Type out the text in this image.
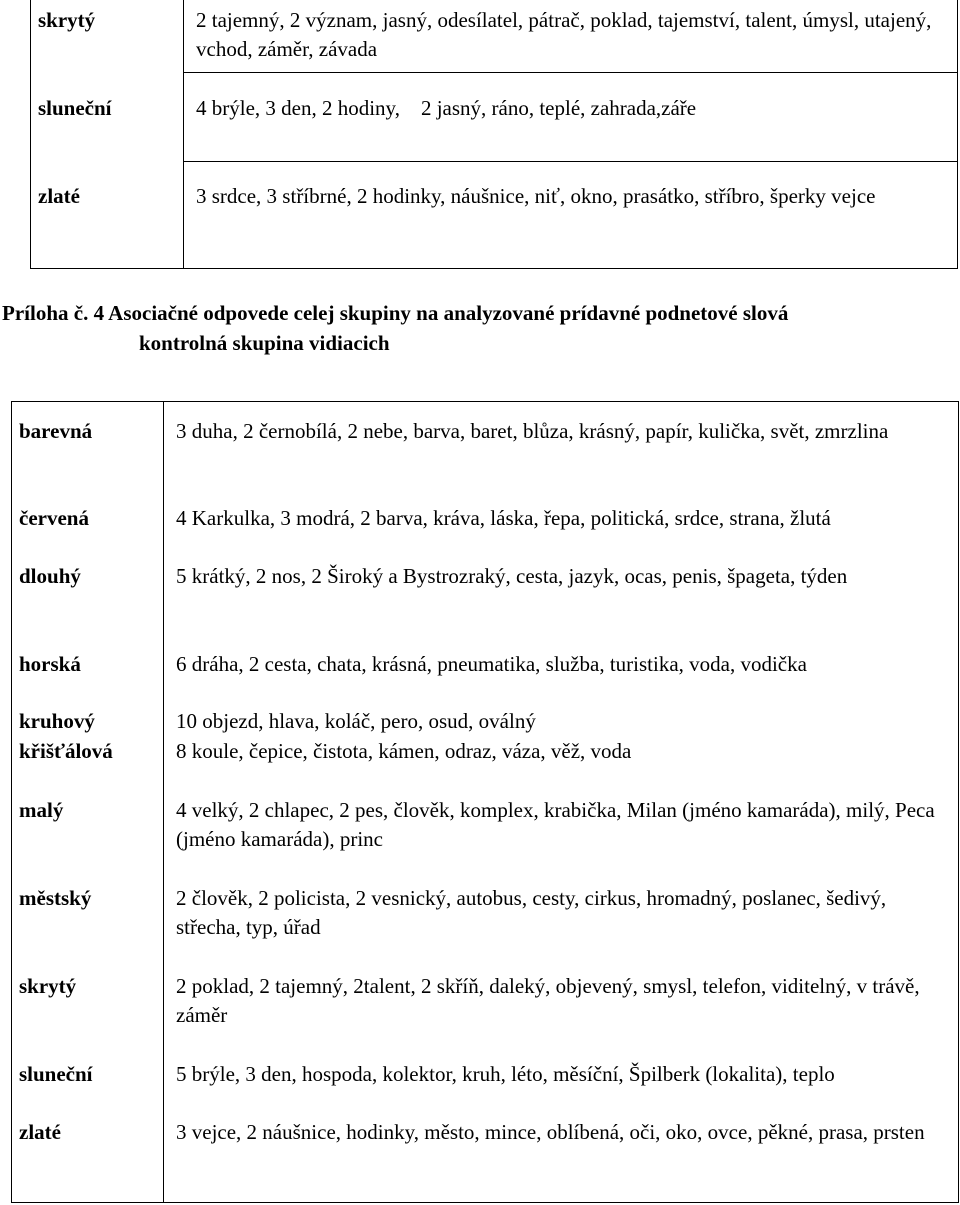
skrytý	2 tajemný, 2 význam, jasný, odesílatel, pátrač, poklad, tajemství, talent, úmysl, utajený, vchod, záměr, závada
sluneční	4 brýle, 3 den, 2 hodiny,    2 jasný, ráno, teplé, zahrada,záře
zlaté	3 srdce, 3 stříbrné, 2 hodinky, náušnice, niť, okno, prasátko, stříbro, šperky vejce
Príloha č. 4 Asociačné odpovede celej skupiny na analyzované prídavné podnetové slová
kontrolná skupina vidiacich
barevná	3 duha, 2 černobílá, 2 nebe, barva, baret, blůza, krásný, papír, kulička, svět, zmrzlina
červená	4 Karkulka, 3 modrá, 2 barva, kráva, láska, řepa, politická, srdce, strana, žlutá
dlouhý	5 krátký, 2 nos, 2 Široký a Bystrozraký, cesta, jazyk, ocas, penis, špageta, týden
horská	6 dráha, 2 cesta, chata, krásná, pneumatika, služba, turistika, voda, vodička
kruhový	10 objezd, hlava, koláč, pero, osud, oválný
křišťálová	8 koule, čepice, čistota, kámen, odraz, váza, věž, voda
malý	4 velký, 2 chlapec, 2 pes, člověk, komplex, krabička, Milan (jméno kamaráda), milý, Peca (jméno kamaráda), princ
městský	2 člověk, 2 policista, 2 vesnický, autobus, cesty, cirkus, hromadný, poslanec, šedivý, střecha, typ, úřad
skrytý	2 poklad, 2 tajemný, 2talent, 2 skříň, daleký, objevený, smysl, telefon, viditelný, v trávě, záměr
sluneční	5 brýle, 3 den, hospoda, kolektor, kruh, léto, měsíční, Špilberk (lokalita), teplo
zlaté	3 vejce, 2 náušnice, hodinky, město, mince, oblíbená, oči, oko, ovce, pěkné, prasa, prsten
